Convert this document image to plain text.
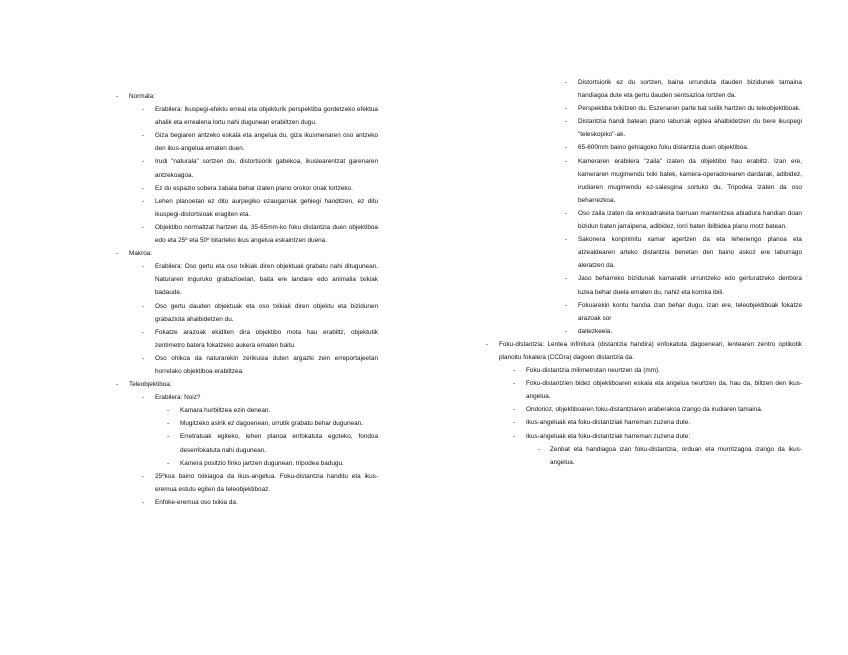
- Normala:
- Erabilera: Ikuspegi-efektu erreal eta objekturik perspektiba gordetzeko efektua ahalik eta errealena lortu nahi dugunean erabiltzen dugu.
- Giza begiaren antzeko eskala eta angelua du, giza ikusmenaren oso antzeko den ikus-angelua ematen duen.
- Irudi "naturala" sortzen du, distortsiorik gabekoa, ikuslearentzat garenaren antzekoagoa.
- Ez du espazio sobera zabala behar izaten plano orokor onak lortzeko.
- Lehen planoetan ez ditu aurpegiko ezaugarriak gehiegi handitzen, ez ditu ikuspegi-distortsioak eragiten eta.
- Objektibo normaltzat hartzen da, 35-65mm-ko foku distantzia duen objektiboa edo eta 25º eta 50º bitarteko ikus angelua eskaintzen duena.
- Makroa:
- Erabilera: Oso gertu eta oso txikiak diren objektuak grabatu nahi ditugunean. Naturaren inguruko grabazioetan, baita ere landare edo animalia txikiak badaude.
- Oso gertu dauden objektuak eta oso txikiak diren objektu eta bizidunen grabaziota ahalbidetzen du.
- Fokatze arazoak ekiditen dira objektibo mota hau erabiltz, objektutik zentimetro batera fokatzeko aukera ematen baitu.
- Oso ohikoa da naturarekin zerikusia duten argazki zein erreportajeetan horrelako objektiboa erabiltzea.
- Teleobjektiboa:
- Erabilera: Noiz?
- Kamara hurbiltzea ezin denean.
- Mugitzeko asirik ez dagoenean, urrutik grabatu behar dugunean.
- Erretratuak egiteko, lehen planoa enfokatuta egoteko, fondoa desenfokatuta nahi dugunean.
- Kamera positzio finko jartzen dugunean, tripodea badugu.
- 25ºkoa baino txikiagoa da ikus-angelua. Foku-distantzia handitu eta ikus-eremua estutu egiten da teleobjektiboaz.
- Enfoke-eremua oso txikia da.
- Distortsiorik ez du sortzen, baina urrunduta dauden bizidunek tamaina handiagoa dute eta gertu dauden sentsazioa lortzen da.
- Perspektiba txikitzen du. Eszenaren parte bat soilik hartzen du teleobjektiboak.
- Distantzia handi batean plano laburrak egitea ahalbidetzen du bere ikuspegi "teleskopiko"-ak.
- 65-600mm baino gehiagoko foku distantzia duen objektiboa.
- Kameraren erabilera "zaila" izaten da objektibo hau erabiltz. Izan ere, kameraren mugimendu txiki batek, kamera-operadorearen dardarak, adibidez, irudiaren mugimendu ez-saiesgina sortuko du. Tripodea izaten da oso beharrezkoa.
- Oso zaila izaten da enkoadraketa barruan mantentzea abiadura handian doan bizidun baten jarraipena, adibidez, lorri baten ibilbidea plano motz batean.
- Sakonera konprimitu xamar agertzen da eta lehenengo planoa eta atzealdearen arteko distantzia benetan den baino askoz ere laburrago aleratzen da.
- Jaso beharreko bizidunak kamaratik urruntzeko edo gerturatzeko denbora luzea behar duela ematen du, nahiz eta korrika ibili.
- Fokuarekin kontu handia izan behar dugu, izan ere, teleobjektiboak fokatze arazoak sor
- daitezkeela.
- Foku-distantzia: Lentea infinitura (distantzia handira) enfokatuta dagoenean, lentearen zentro optikotik planoitu fokalera (CCDra) dagoen distantzia da.
- Foku-distantzia milimetrotan neurtzen da (mm).
- Foku-distantzien bidez objektiboaren eskala eta angelua neurtzen da, hau da, biltzen den ikus-angelua.
- Ondorioz, objektiboaren foku-distantziaren araberakoa izango da irudiaren tamaina.
- Ikus-angeluak eta foku-distantziak harreman zuzena dute.
- Ikus-angeluak eta foku-distantziak harreman zuzena dute:
- Zenbat eta handiagoa izan foku-distantzia, orduan eta murritzagoa izango da ikus-angelua.
